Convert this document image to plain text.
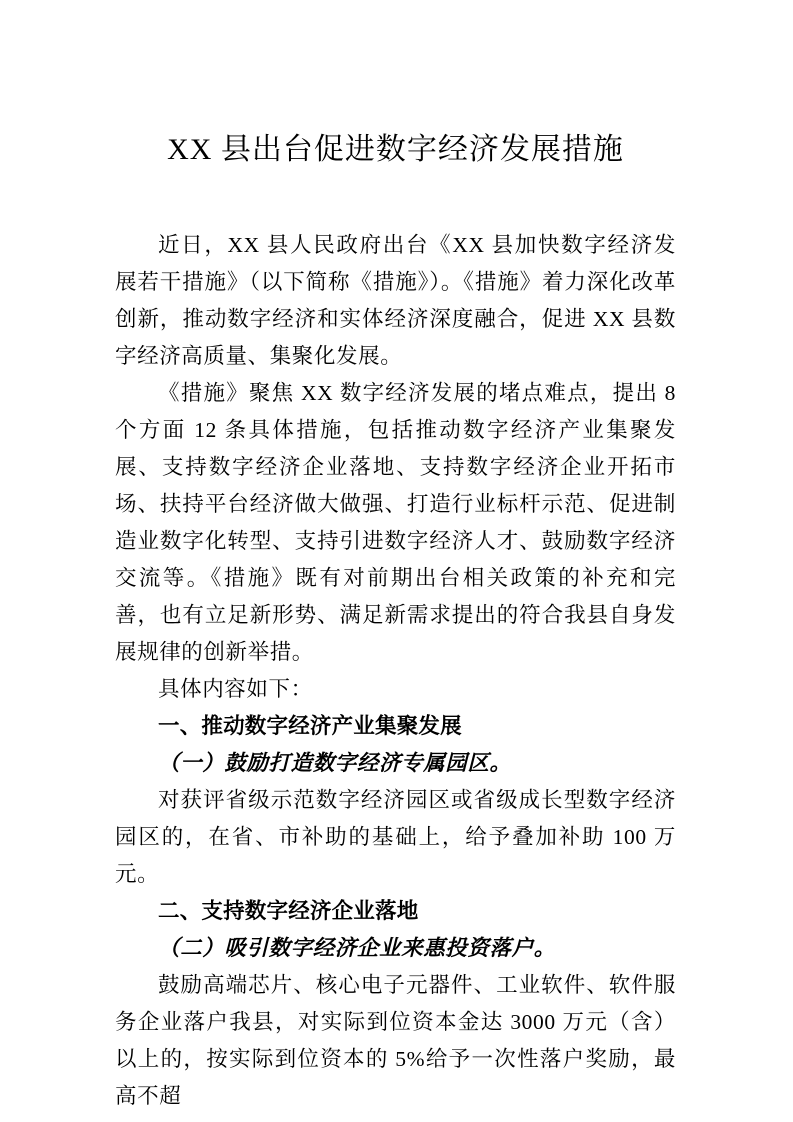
XX 县出台促进数字经济发展措施

近日，XX 县人民政府出台《XX 县加快数字经济发展若干措施》（以下简称《措施》）。《措施》着力深化改革创新，推动数字经济和实体经济深度融合，促进 XX 县数字经济高质量、集聚化发展。

《措施》聚焦 XX 数字经济发展的堵点难点，提出 8 个方面 12 条具体措施，包括推动数字经济产业集聚发展、支持数字经济企业落地、支持数字经济企业开拓市场、扶持平台经济做大做强、打造行业标杆示范、促进制造业数字化转型、支持引进数字经济人才、鼓励数字经济交流等。《措施》既有对前期出台相关政策的补充和完善，也有立足新形势、满足新需求提出的符合我县自身发展规律的创新举措。

具体内容如下：

一、推动数字经济产业集聚发展

（一）鼓励打造数字经济专属园区。

对获评省级示范数字经济园区或省级成长型数字经济园区的，在省、市补助的基础上，给予叠加补助 100 万元。

二、支持数字经济企业落地

（二）吸引数字经济企业来惠投资落户。

鼓励高端芯片、核心电子元器件、工业软件、软件服务企业落户我县，对实际到位资本金达 3000 万元（含）以上的，按实际到位资本的 5%给予一次性落户奖励，最高不超
